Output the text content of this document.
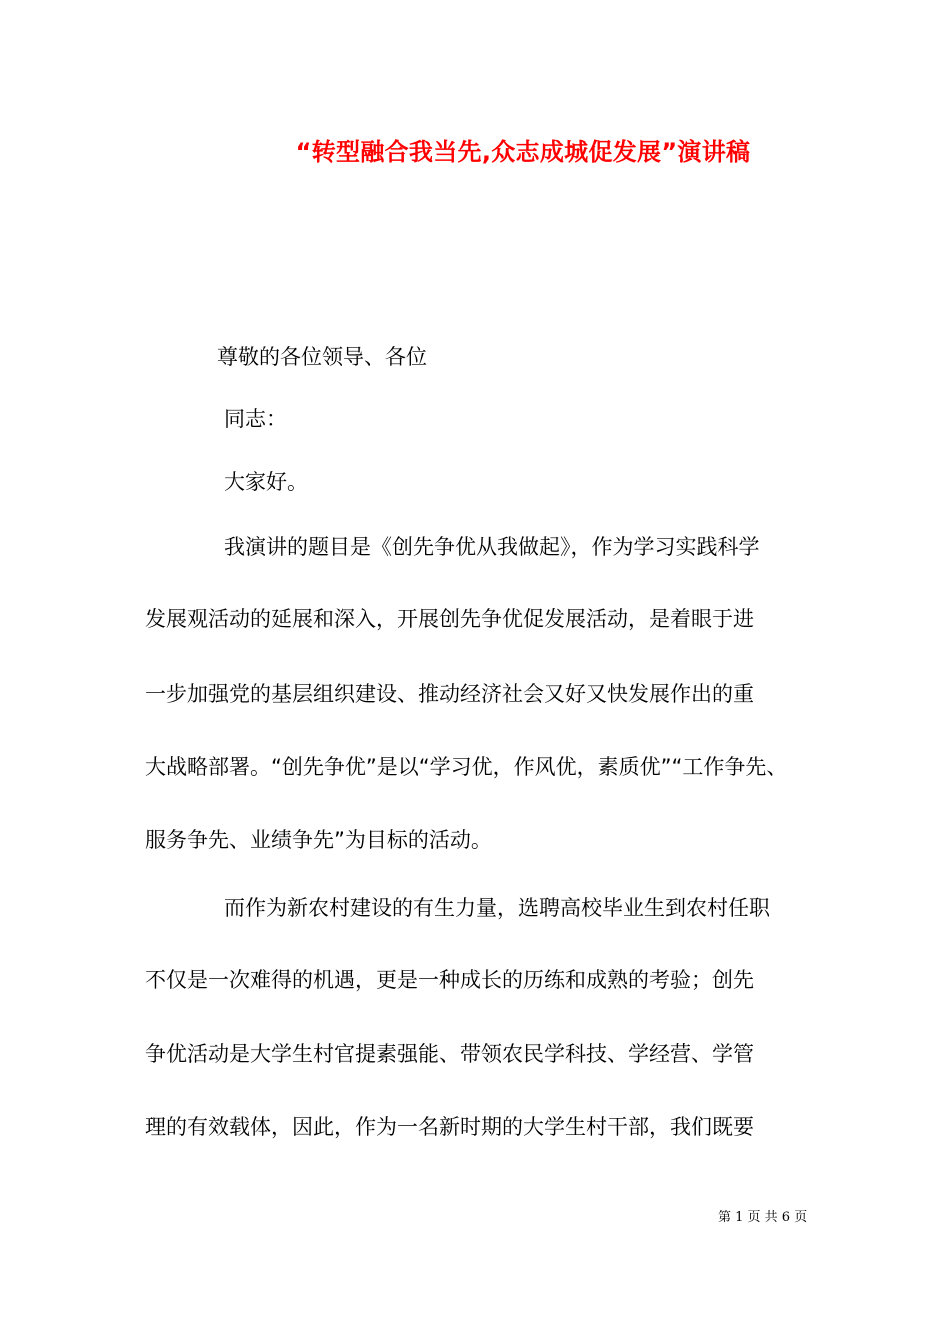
“转型融合我当先,众志成城促发展”演讲稿
尊敬的各位领导、各位
同志：
大家好。
我演讲的题目是《创先争优从我做起》，作为学习实践科学
发展观活动的延展和深入，开展创先争优促发展活动，是着眼于进
一步加强党的基层组织建设、推动经济社会又好又快发展作出的重
大战略部署。“创先争优”是以“学习优，作风优，素质优”“工作争先、
服务争先、业绩争先”为目标的活动。
而作为新农村建设的有生力量，选聘高校毕业生到农村任职
不仅是一次难得的机遇，更是一种成长的历练和成熟的考验；创先
争优活动是大学生村官提素强能、带领农民学科技、学经营、学管
理的有效载体，因此，作为一名新时期的大学生村干部，我们既要
第 1 页 共 6 页
